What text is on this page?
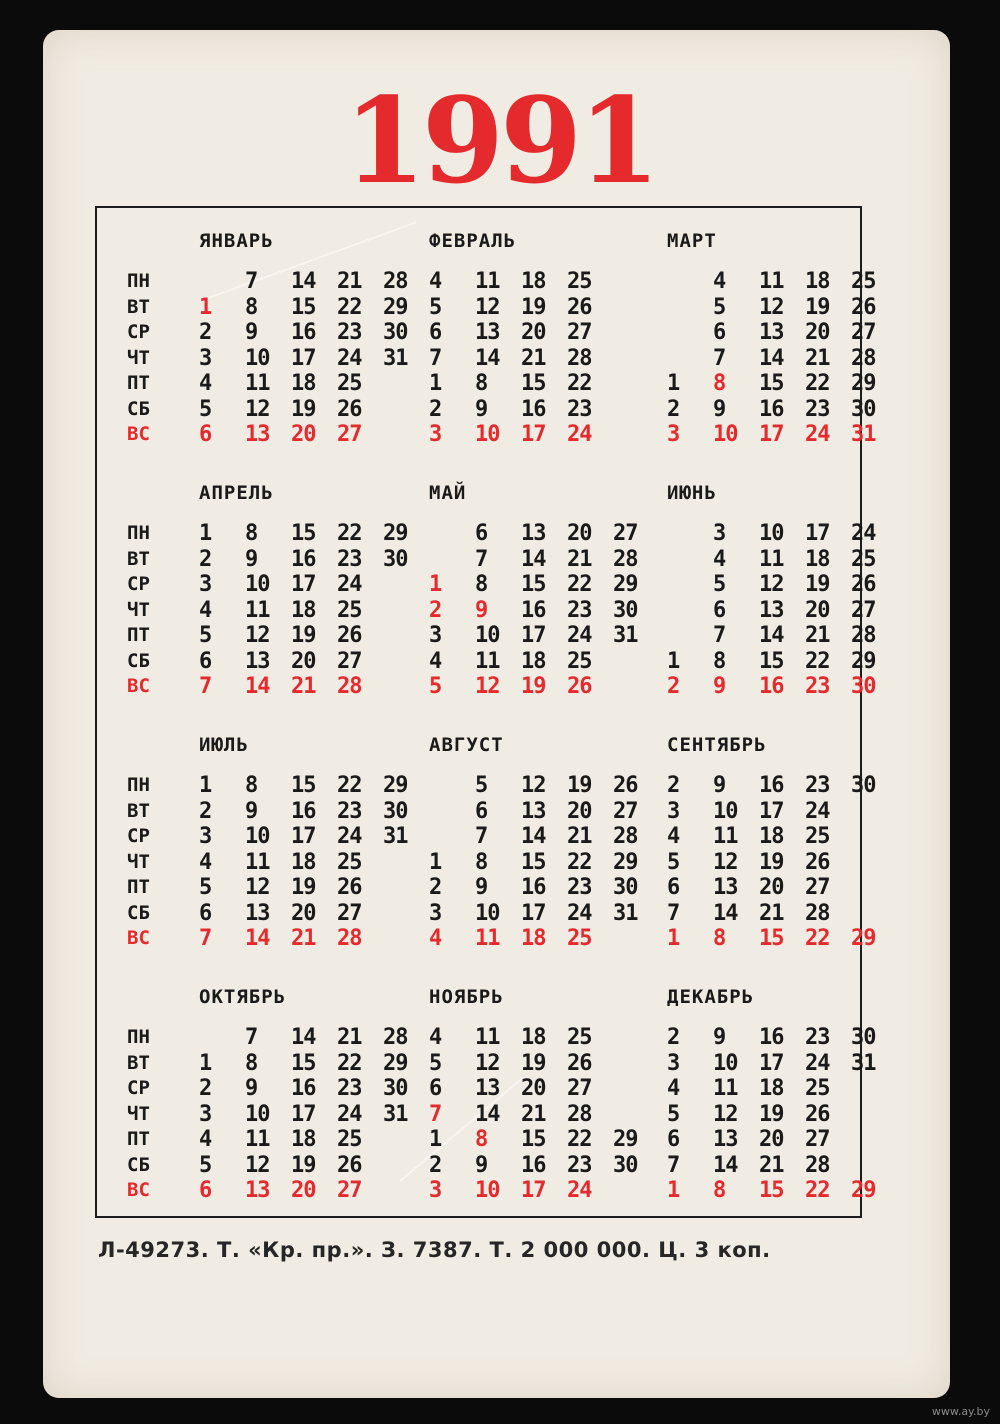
1991
ЯНВАРЬ
ПН
ВТ
СР
ЧТ
ПТ
СБ
ВС
7 14 21 28
1 8 15 22 29
2 9 16 23 30
3 10 17 24 31
4 11 18 25
5 12 19 26
6 13 20 27
ФЕВРАЛЬ
4 11 18 25
5 12 19 26
6 13 20 27
7 14 21 28
1 8 15 22
2 9 16 23
3 10 17 24
МАРТ
4 11 18 25
5 12 19 26
6 13 20 27
7 14 21 28
1 8 15 22 29
2 9 16 23 30
3 10 17 24 31
АПРЕЛЬ
ПН
ВТ
СР
ЧТ
ПТ
СБ
ВС
1 8 15 22 29
2 9 16 23 30
3 10 17 24
4 11 18 25
5 12 19 26
6 13 20 27
7 14 21 28
МАЙ
6 13 20 27
7 14 21 28
1 8 15 22 29
2 9 16 23 30
3 10 17 24 31
4 11 18 25
5 12 19 26
ИЮНЬ
3 10 17 24
4 11 18 25
5 12 19 26
6 13 20 27
7 14 21 28
1 8 15 22 29
2 9 16 23 30
ИЮЛЬ
ПН
ВТ
СР
ЧТ
ПТ
СБ
ВС
1 8 15 22 29
2 9 16 23 30
3 10 17 24 31
4 11 18 25
5 12 19 26
6 13 20 27
7 14 21 28
АВГУСТ
5 12 19 26
6 13 20 27
7 14 21 28
1 8 15 22 29
2 9 16 23 30
3 10 17 24 31
4 11 18 25
СЕНТЯБРЬ
2 9 16 23 30
3 10 17 24
4 11 18 25
5 12 19 26
6 13 20 27
7 14 21 28
1 8 15 22 29
ОКТЯБРЬ
ПН
ВТ
СР
ЧТ
ПТ
СБ
ВС
7 14 21 28
1 8 15 22 29
2 9 16 23 30
3 10 17 24 31
4 11 18 25
5 12 19 26
6 13 20 27
НОЯБРЬ
4 11 18 25
5 12 19 26
6 13 20 27
7 14 21 28
1 8 15 22 29
2 9 16 23 30
3 10 17 24
ДЕКАБРЬ
2 9 16 23 30
3 10 17 24 31
4 11 18 25
5 12 19 26
6 13 20 27
7 14 21 28
1 8 15 22 29
Л-49273. Т. «Кр. пр.». З. 7387. Т. 2 000 000. Ц. 3 коп.
www.ay.by
